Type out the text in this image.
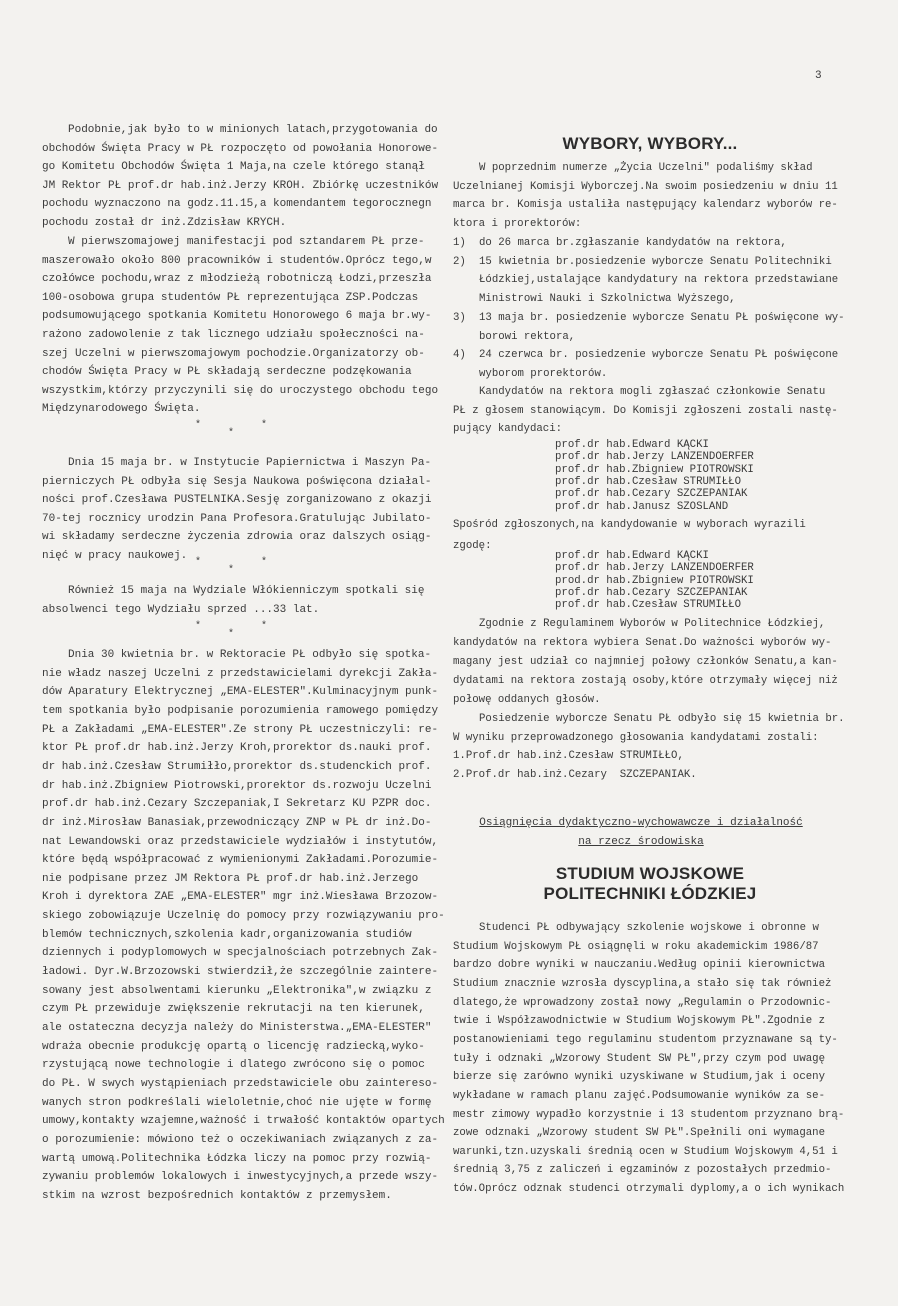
3
Podobnie,jak było to w minionych latach,przygotowania do
obchodów Święta Pracy w PŁ rozpoczęto od powołania Honorowe-
go Komitetu Obchodów Święta 1 Maja,na czele którego stanął
JM Rektor PŁ prof.dr hab.inż.Jerzy KROH. Zbiórkę uczestników
pochodu wyznaczono na godz.11.15,a komendantem tegorocznegn
pochodu został dr inż.Zdzisław KRYCH.
W pierwszomajowej manifestacji pod sztandarem PŁ prze-
maszerowało około 800 pracowników i studentów.Oprócz tego,w
czołówce pochodu,wraz z młodzieżą robotniczą Łodzi,przeszła
100-osobowa grupa studentów PŁ reprezentująca ZSP.Podczas
podsumowującego spotkania Komitetu Honorowego 6 maja br.wy-
rażono zadowolenie z tak licznego udziału społeczności na-
szej Uczelni w pierwszomajowym pochodzie.Organizatorzy ob-
chodów Święta Pracy w PŁ składają serdeczne podzękowania
wszystkim,którzy przyczynili się do uroczystego obchodu tego
Międzynarodowego Święta.
Dnia 15 maja br. w Instytucie Papiernictwa i Maszyn Pa-
pierniczych PŁ odbyła się Sesja Naukowa poświęcona działal-
ności prof.Czesława PUSTELNIKA.Sesję zorganizowano z okazji
70-tej rocznicy urodzin Pana Profesora.Gratulując Jubilato-
wi składamy serdeczne życzenia zdrowia oraz dalszych osiąg-
nięć w pracy naukowej.
Również 15 maja na Wydziale Włókienniczym spotkali się
absolwenci tego Wydziału sprzed ...33 lat.
Dnia 30 kwietnia br. w Rektoracie PŁ odbyło się spotka-
nie władz naszej Uczelni z przedstawicielami dyrekcji Zakła-
dów Aparatury Elektrycznej „EMA-ELESTER".Kulminacyjnym punk-
tem spotkania było podpisanie porozumienia ramowego pomiędzy
PŁ a Zakładami „EMA-ELESTER".Ze strony PŁ uczestniczyli: re-
ktor PŁ prof.dr hab.inż.Jerzy Kroh,prorektor ds.nauki prof.
dr hab.inż.Czesław Strumiłło,prorektor ds.studenckich prof.
dr hab.inż.Zbigniew Piotrowski,prorektor ds.rozwoju Uczelni
prof.dr hab.inż.Cezary Szczepaniak,I Sekretarz KU PZPR doc.
dr inż.Mirosław Banasiak,przewodniczący ZNP w PŁ dr inż.Do-
nat Lewandowski oraz przedstawiciele wydziałów i instytutów,
które będą współpracować z wymienionymi Zakładami.Porozumie-
nie podpisane przez JM Rektora PŁ prof.dr hab.inż.Jerzego
Kroh i dyrektora ZAE „EMA-ELESTER" mgr inż.Wiesława Brzozow-
skiego zobowiązuje Uczelnię do pomocy przy rozwiązywaniu pro-
blemów technicznych,szkolenia kadr,organizowania studiów
dziennych i podyplomowych w specjalnościach potrzebnych Zak-
ładowi. Dyr.W.Brzozowski stwierdził,że szczególnie zaintere-
sowany jest absolwentami kierunku „Elektronika",w związku z
czym PŁ przewiduje zwiększenie rekrutacji na ten kierunek,
ale ostateczna decyzja należy do Ministerstwa.„EMA-ELESTER"
wdraża obecnie produkcję opartą o licencję radziecką,wyko-
rzystującą nowe technologie i dlatego zwrócono się o pomoc
do PŁ. W swych wystąpieniach przedstawiciele obu zaintereso-
wanych stron podkreślali wieloletnie,choć nie ujęte w formę
umowy,kontakty wzajemne,ważność i trwałość kontaktów opartych
o porozumienie: mówiono też o oczekiwaniach związanych z za-
wartą umową.Politechnika Łódzka liczy na pomoc przy rozwią-
zywaniu problemów lokalowych i inwestycyjnych,a przede wszy-
stkim na wzrost bezpośrednich kontaktów z przemysłem.
WYBORY, WYBORY...
W poprzednim numerze „Życia Uczelni" podaliśmy skład
Uczelnianej Komisji Wyborczej.Na swoim posiedzeniu w dniu 11
marca br. Komisja ustaliła następujący kalendarz wyborów re-
ktora i prorektorów:
1) do 26 marca br.zgłaszanie kandydatów na rektora,
2) 15 kwietnia br.posiedzenie wyborcze Senatu Politechniki
Łódzkiej,ustalające kandydatury na rektora przedstawiane
Ministrowi Nauki i Szkolnictwa Wyższego,
3) 13 maja br. posiedzenie wyborcze Senatu PŁ poświęcone wy-
borowi rektora,
4) 24 czerwca br. posiedzenie wyborcze Senatu PŁ poświęcone
wyborom prorektorów.
Kandydatów na rektora mogli zgłaszać członkowie Senatu
PŁ z głosem stanowiącym. Do Komisji zgłoszeni zostali nastę-
pujący kandydaci:
prof.dr hab.Edward KĄCKI
prof.dr hab.Jerzy LANZENDOERFER
prof.dr hab.Zbigniew PIOTROWSKI
prof.dr hab.Czesław STRUMIŁŁO
prof.dr hab.Cezary SZCZEPANIAK
prof.dr hab.Janusz SZOSLAND
Spośród zgłoszonych,na kandydowanie w wyborach wyrazili
zgodę:
prof.dr hab.Edward KĄCKI
prof.dr hab.Jerzy LANZENDOERFER
prod.dr hab.Zbigniew PIOTROWSKI
prof.dr hab.Cezary SZCZEPANIAK
prof.dr hab.Czesław STRUMIŁŁO
Zgodnie z Regulaminem Wyborów w Politechnice Łódzkiej,
kandydatów na rektora wybiera Senat.Do ważności wyborów wy-
magany jest udział co najmniej połowy członków Senatu,a kan-
dydatami na rektora zostają osoby,które otrzymały więcej niż
połowę oddanych głosów.
Posiedzenie wyborcze Senatu PŁ odbyło się 15 kwietnia br.
W wyniku przeprowadzonego głosowania kandydatami zostali:
1.Prof.dr hab.inż.Czesław STRUMIŁŁO,
2.Prof.dr hab.inż.Cezary  SZCZEPANIAK.
Osiągnięcia dydaktyczno-wychowawcze i działalność
na rzecz środowiska
STUDIUM WOJSKOWE
POLITECHNIKI ŁÓDZKIEJ
Studenci PŁ odbywający szkolenie wojskowe i obronne w
Studium Wojskowym PŁ osiągnęli w roku akademickim 1986/87
bardzo dobre wyniki w nauczaniu.Według opinii kierownictwa
Studium znacznie wzrosła dyscyplina,a stało się tak również
dlatego,że wprowadzony został nowy „Regulamin o Przodownic-
twie i Współzawodnictwie w Studium Wojskowym PŁ".Zgodnie z
postanowieniami tego regulaminu studentom przyznawane są ty-
tuły i odznaki „Wzorowy Student SW PŁ",przy czym pod uwagę
bierze się zarówno wyniki uzyskiwane w Studium,jak i oceny
wykładane w ramach planu zajęć.Podsumowanie wyników za se-
mestr zimowy wypadło korzystnie i 13 studentom przyznano brą-
zowe odznaki „Wzorowy student SW PŁ".Spełnili oni wymagane
warunki,tzn.uzyskali średnią ocen w Studium Wojskowym 4,51 i
średnią 3,75 z zaliczeń i egzaminów z pozostałych przedmio-
tów.Oprócz odznak studenci otrzymali dyplomy,a o ich wynikach
*
*
*
*
*
*
*
*
*
